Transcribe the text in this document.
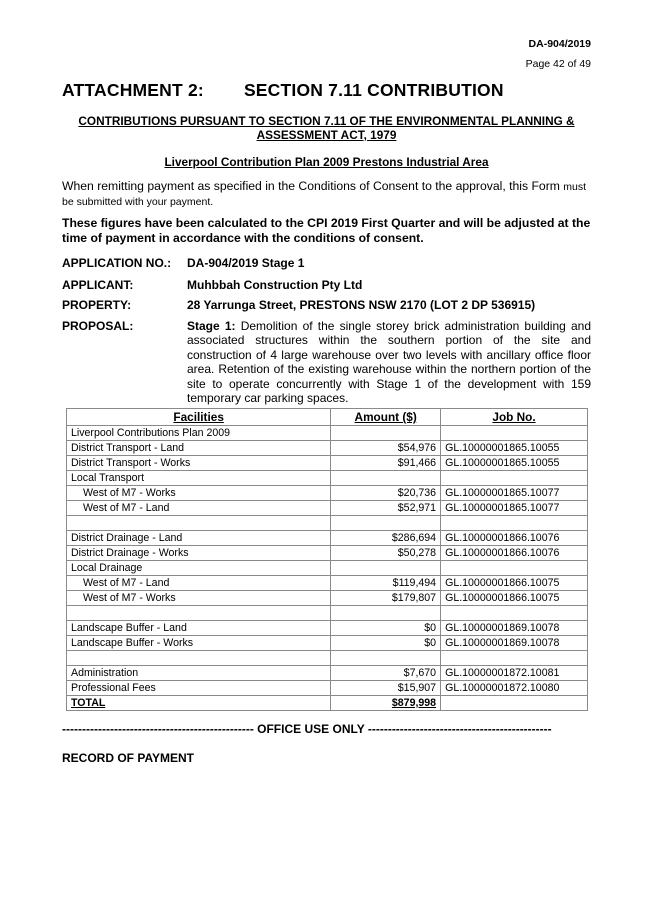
DA-904/2019
Page 42 of 49
ATTACHMENT 2: SECTION 7.11 CONTRIBUTION
CONTRIBUTIONS PURSUANT TO SECTION 7.11 OF THE ENVIRONMENTAL PLANNING & ASSESSMENT ACT, 1979
Liverpool Contribution Plan 2009 Prestons Industrial Area
When remitting payment as specified in the Conditions of Consent to the approval, this Form must
be submitted with your payment.
These figures have been calculated to the CPI 2019 First Quarter and will be adjusted at the time of payment in accordance with the conditions of consent.
APPLICATION NO.: DA-904/2019 Stage 1
APPLICANT:	Muhbbah Construction Pty Ltd
PROPERTY:	28 Yarrunga Street, PRESTONS NSW 2170 (LOT 2 DP 536915)
PROPOSAL:	Stage 1: Demolition of the single storey brick administration building and associated structures within the southern portion of the site and construction of 4 large warehouse over two levels with ancillary office floor area. Retention of the existing warehouse within the northern portion of the site to operate concurrently with Stage 1 of the development with 159 temporary car parking spaces.
Facilities	Amount ($)	Job No.
Liverpool Contributions Plan 2009		
District Transport - Land	$54,976	GL.10000001865.10055
District Transport - Works	$91,466	GL.10000001865.10055
Local Transport		
West of M7 - Works	$20,736	GL.10000001865.10077
West of M7 - Land	$52,971	GL.10000001865.10077

District Drainage - Land	$286,694	GL.10000001866.10076
District Drainage - Works	$50,278	GL.10000001866.10076
Local Drainage		
West of M7 - Land	$119,494	GL.10000001866.10075
West of M7 - Works	$179,807	GL.10000001866.10075

Landscape Buffer - Land	$0	GL.10000001869.10078
Landscape Buffer - Works	$0	GL.10000001869.10078

Administration	$7,670	GL.10000001872.10081
Professional Fees	$15,907	GL.10000001872.10080
TOTAL	$879,998	
------------------------------------------------ OFFICE USE ONLY ----------------------------------------------
RECORD OF PAYMENT
